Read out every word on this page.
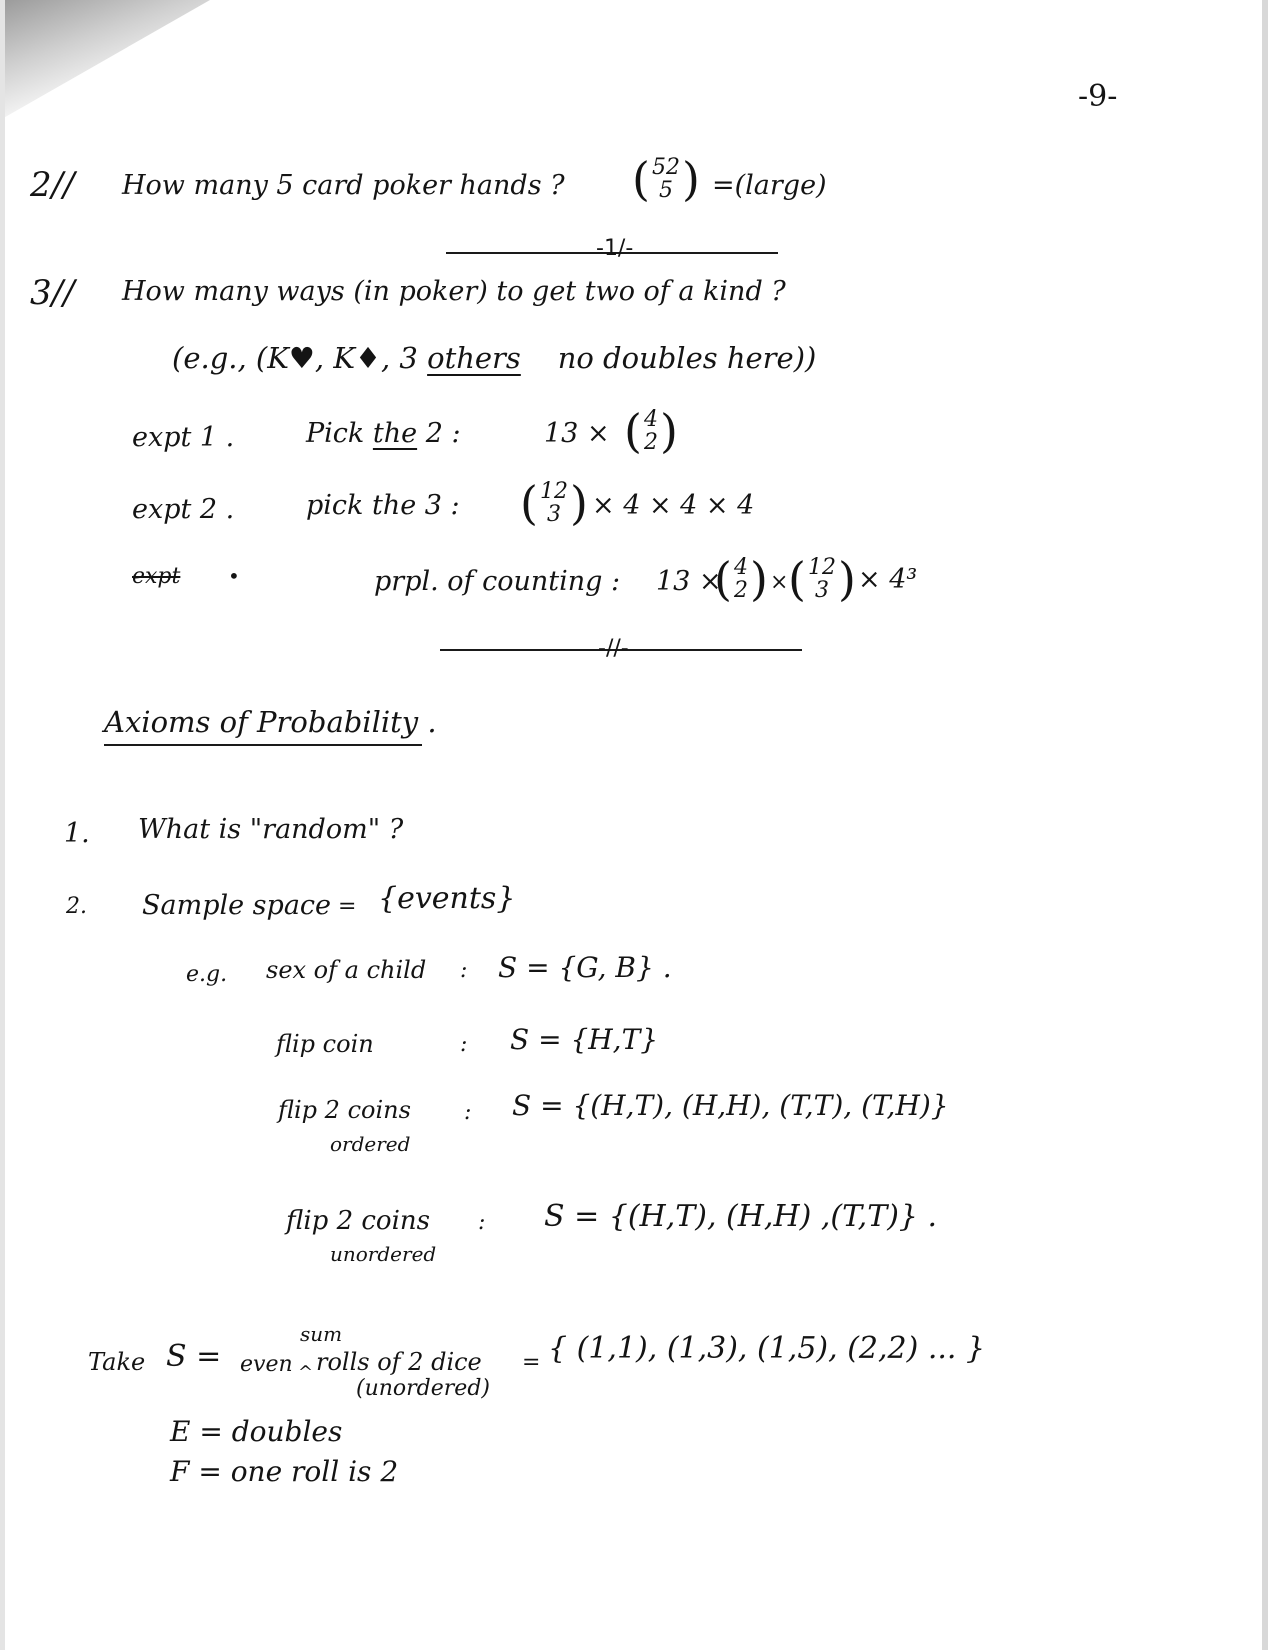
-9-
2// How many 5 card poker hands ? ( 52
5 ) =(large)
-1/-
3// How many ways (in poker) to get two of a kind ?
(e.g., (K♥, K♦, 3 others no doubles here))
expt 1 .	Pick the 2 :	13 × ( 4
2 )
expt 2 .	pick the 3 : ( 12
3 ) × 4 × 4 × 4
expt •	prpl. of counting : 13 ×
( 4
2 ) × ( 12
3 ) × 4³
-//-
Axioms of Probability .
1. What is "random" ?
2. Sample space = {events}
e.g. sex of a child : S = {G, B} .
flip coin	: S = {H,T}
flip 2 coins
ordered
: S = {(H,T), (H,H), (T,T), (T,H)}
flip 2 coins
unordered
: S = {(H,T), (H,H) ,(T,T)} .
sum
Take S = even ^ rolls of 2 dice
(unordered)
= { (1,1), (1,3), (1,5), (2,2) ... }
E = doubles
F = one roll is 2
